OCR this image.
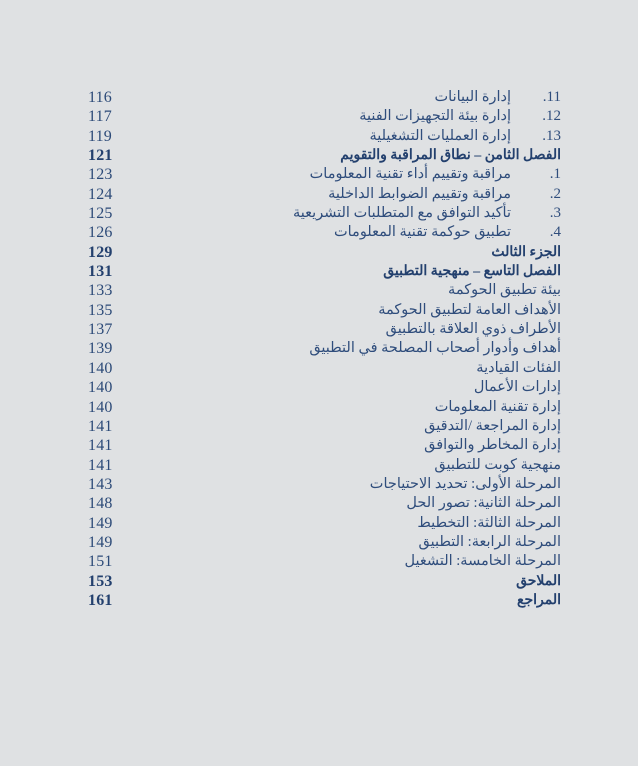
116	11.إدارة البيانات
117	12.إدارة بيئة التجهيزات الفنية
119	13.إدارة العمليات التشغيلية
121	الفصل الثامن – نطاق المراقبة والتقويم
123	1.مراقبة وتقييم أداء تقنية المعلومات
124	2.مراقبة وتقييم الضوابط الداخلية
125	3.تأكيد التوافق مع المتطلبات التشريعية
126	4.تطبيق حوكمة تقنية المعلومات
129	الجزء الثالث
131	الفصل التاسع – منهجية التطبيق
133	بيئة تطبيق الحوكمة
135	الأهداف العامة لتطبيق الحوكمة
137	الأطراف ذوي العلاقة بالتطبيق
139	أهداف وأدوار أصحاب المصلحة في التطبيق
140	الفئات القيادية
140	إدارات الأعمال
140	إدارة تقنية المعلومات
141	إدارة المراجعة /التدقيق
141	إدارة المخاطر والتوافق
141	منهجية كوبت للتطبيق
143	المرحلة الأولى: تحديد الاحتياجات
148	المرحلة الثانية: تصور الحل
149	المرحلة الثالثة: التخطيط
149	المرحلة الرابعة: التطبيق
151	المرحلة الخامسة: التشغيل
153	الملاحق
161	المراجع
